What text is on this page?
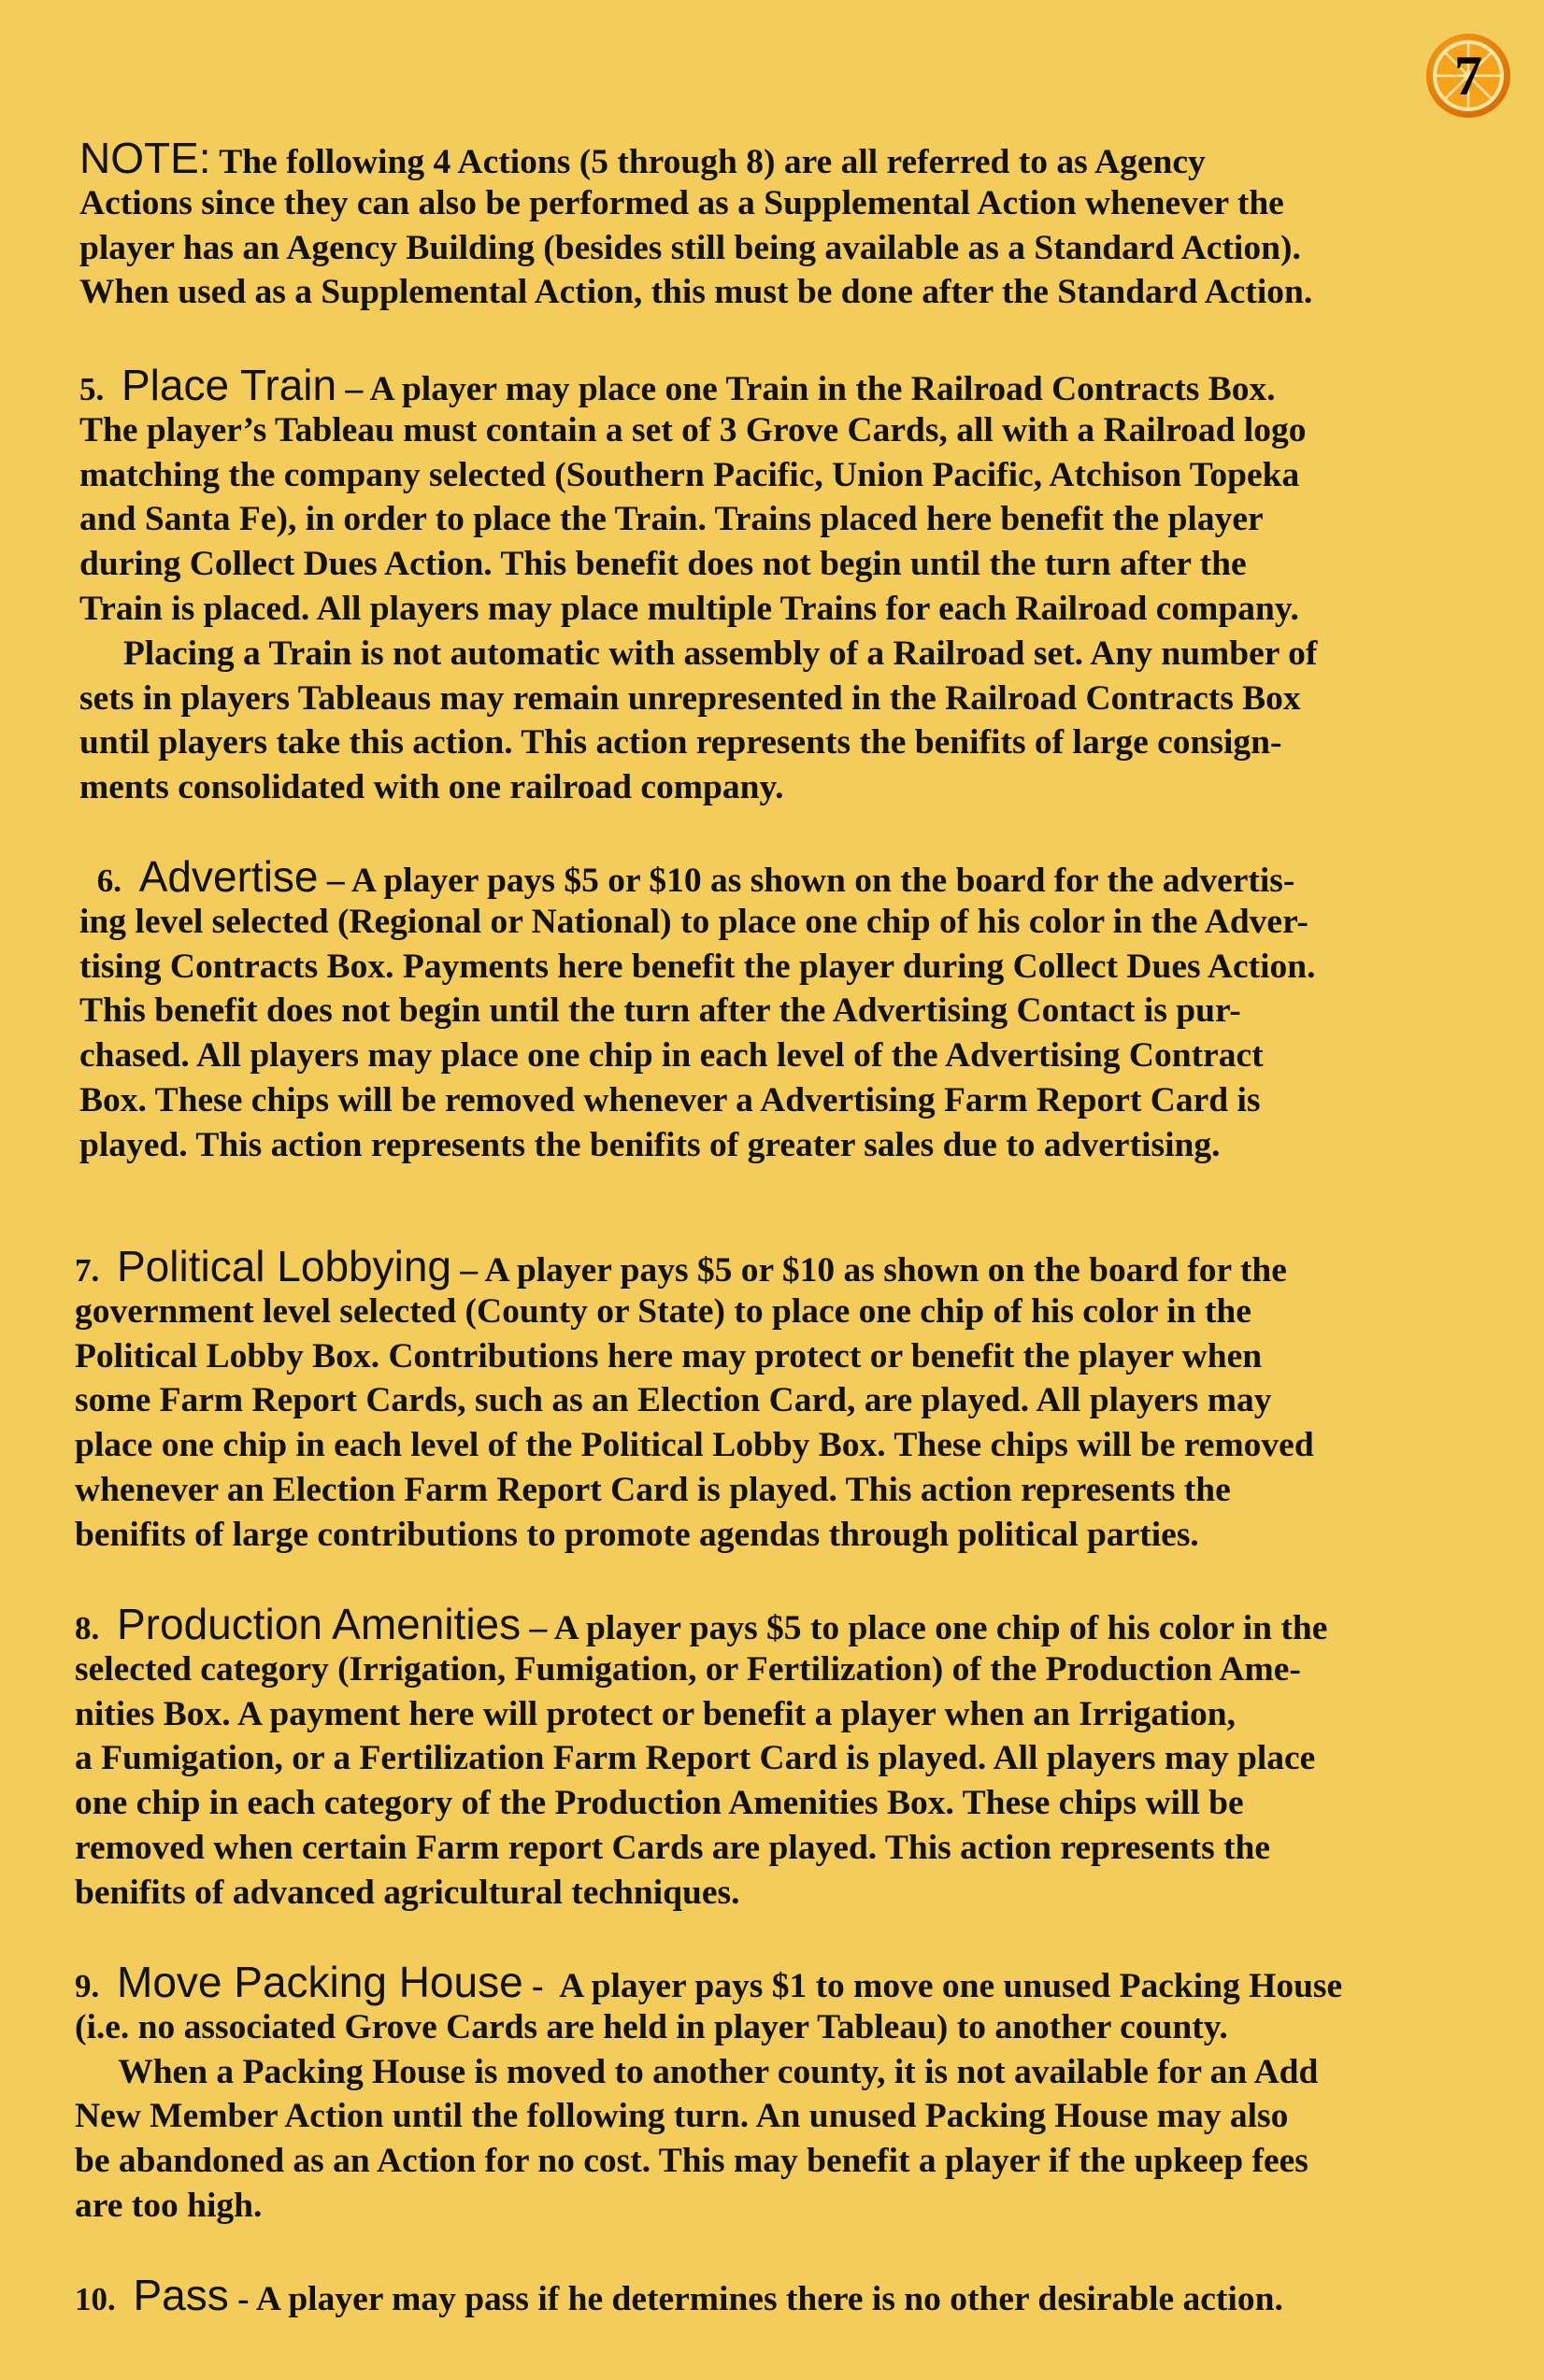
7
NOTE: The following 4 Actions (5 through 8) are all referred to as Agency
Actions since they can also be performed as a Supplemental Action whenever the
player has an Agency Building (besides still being available as a Standard Action).
When used as a Supplemental Action, this must be done after the Standard Action.
5. Place Train – A player may place one Train in the Railroad Contracts Box.
The player’s Tableau must contain a set of 3 Grove Cards, all with a Railroad logo
matching the company selected (Southern Pacific, Union Pacific, Atchison Topeka
and Santa Fe), in order to place the Train. Trains placed here benefit the player
during Collect Dues Action. This benefit does not begin until the turn after the
Train is placed. All players may place multiple Trains for each Railroad company.
Placing a Train is not automatic with assembly of a Railroad set. Any number of
sets in players Tableaus may remain unrepresented in the Railroad Contracts Box
until players take this action. This action represents the benifits of large consign-
ments consolidated with one railroad company.
6. Advertise – A player pays $5 or $10 as shown on the board for the advertis-
ing level selected (Regional or National) to place one chip of his color in the Adver-
tising Contracts Box. Payments here benefit the player during Collect Dues Action.
This benefit does not begin until the turn after the Advertising Contact is pur-
chased. All players may place one chip in each level of the Advertising Contract
Box. These chips will be removed whenever a Advertising Farm Report Card is
played. This action represents the benifits of greater sales due to advertising.
7. Political Lobbying – A player pays $5 or $10 as shown on the board for the
government level selected (County or State) to place one chip of his color in the
Political Lobby Box. Contributions here may protect or benefit the player when
some Farm Report Cards, such as an Election Card, are played. All players may
place one chip in each level of the Political Lobby Box. These chips will be removed
whenever an Election Farm Report Card is played. This action represents the
benifits of large contributions to promote agendas through political parties.
8. Production Amenities – A player pays $5 to place one chip of his color in the
selected category (Irrigation, Fumigation, or Fertilization) of the Production Ame-
nities Box. A payment here will protect or benefit a player when an Irrigation,
a Fumigation, or a Fertilization Farm Report Card is played. All players may place
one chip in each category of the Production Amenities Box. These chips will be
removed when certain Farm report Cards are played. This action represents the
benifits of advanced agricultural techniques.
9. Move Packing House -  A player pays $1 to move one unused Packing House
(i.e. no associated Grove Cards are held in player Tableau) to another county.
When a Packing House is moved to another county, it is not available for an Add
New Member Action until the following turn. An unused Packing House may also
be abandoned as an Action for no cost. This may benefit a player if the upkeep fees
are too high.
10. Pass - A player may pass if he determines there is no other desirable action.
